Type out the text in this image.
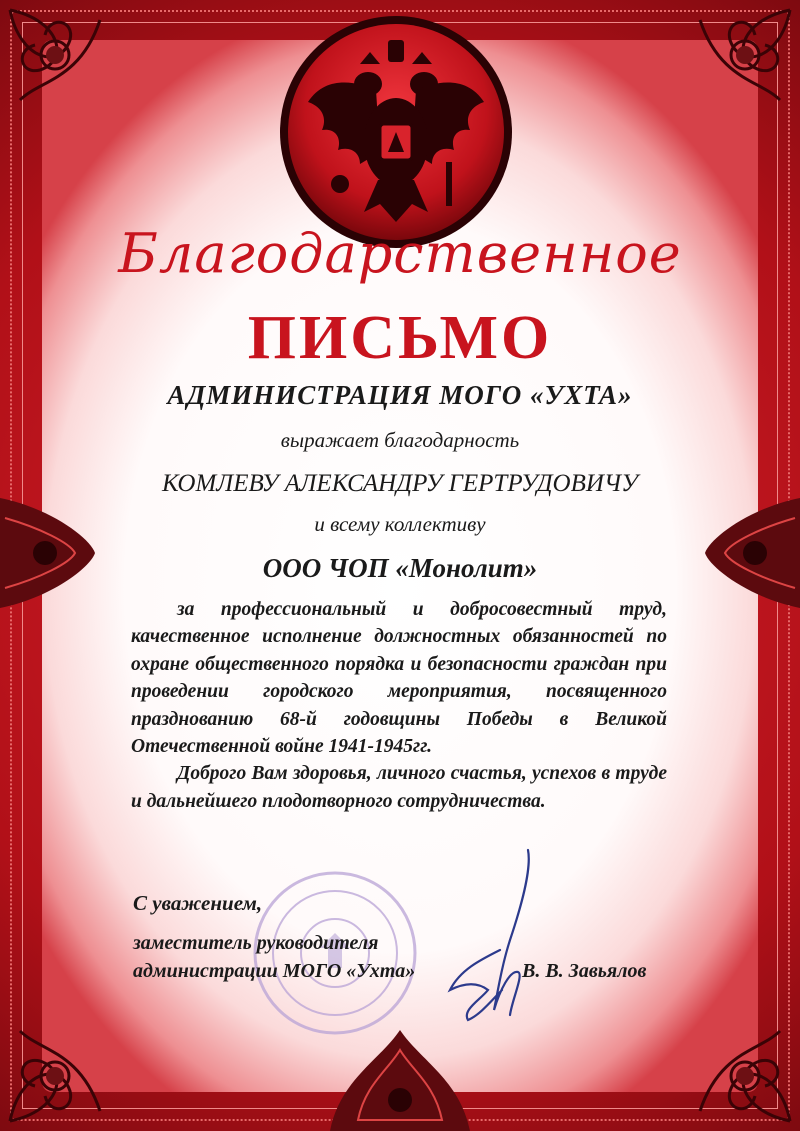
Благодарственное
ПИСЬМО
АДМИНИСТРАЦИЯ МОГО «УХТА»
выражает благодарность
КОМЛЕВУ АЛЕКСАНДРУ ГЕРТРУДОВИЧУ
и всему коллективу
ООО ЧОП «Монолит»

за профессиональный и добросовестный труд, качественное исполнение должностных обязанностей по охране общественного порядка и безопасности граждан при проведении городского мероприятия, посвященного празднованию 68-й годовщины Победы в Великой Отечественной войне 1941-1945гг.

Доброго Вам здоровья, личного счастья, успехов в труде и дальнейшего плодотворного сотрудничества.

С уважением,
заместитель руководителя
администрации МОГО «Ухта»	В. В. Завьялов
